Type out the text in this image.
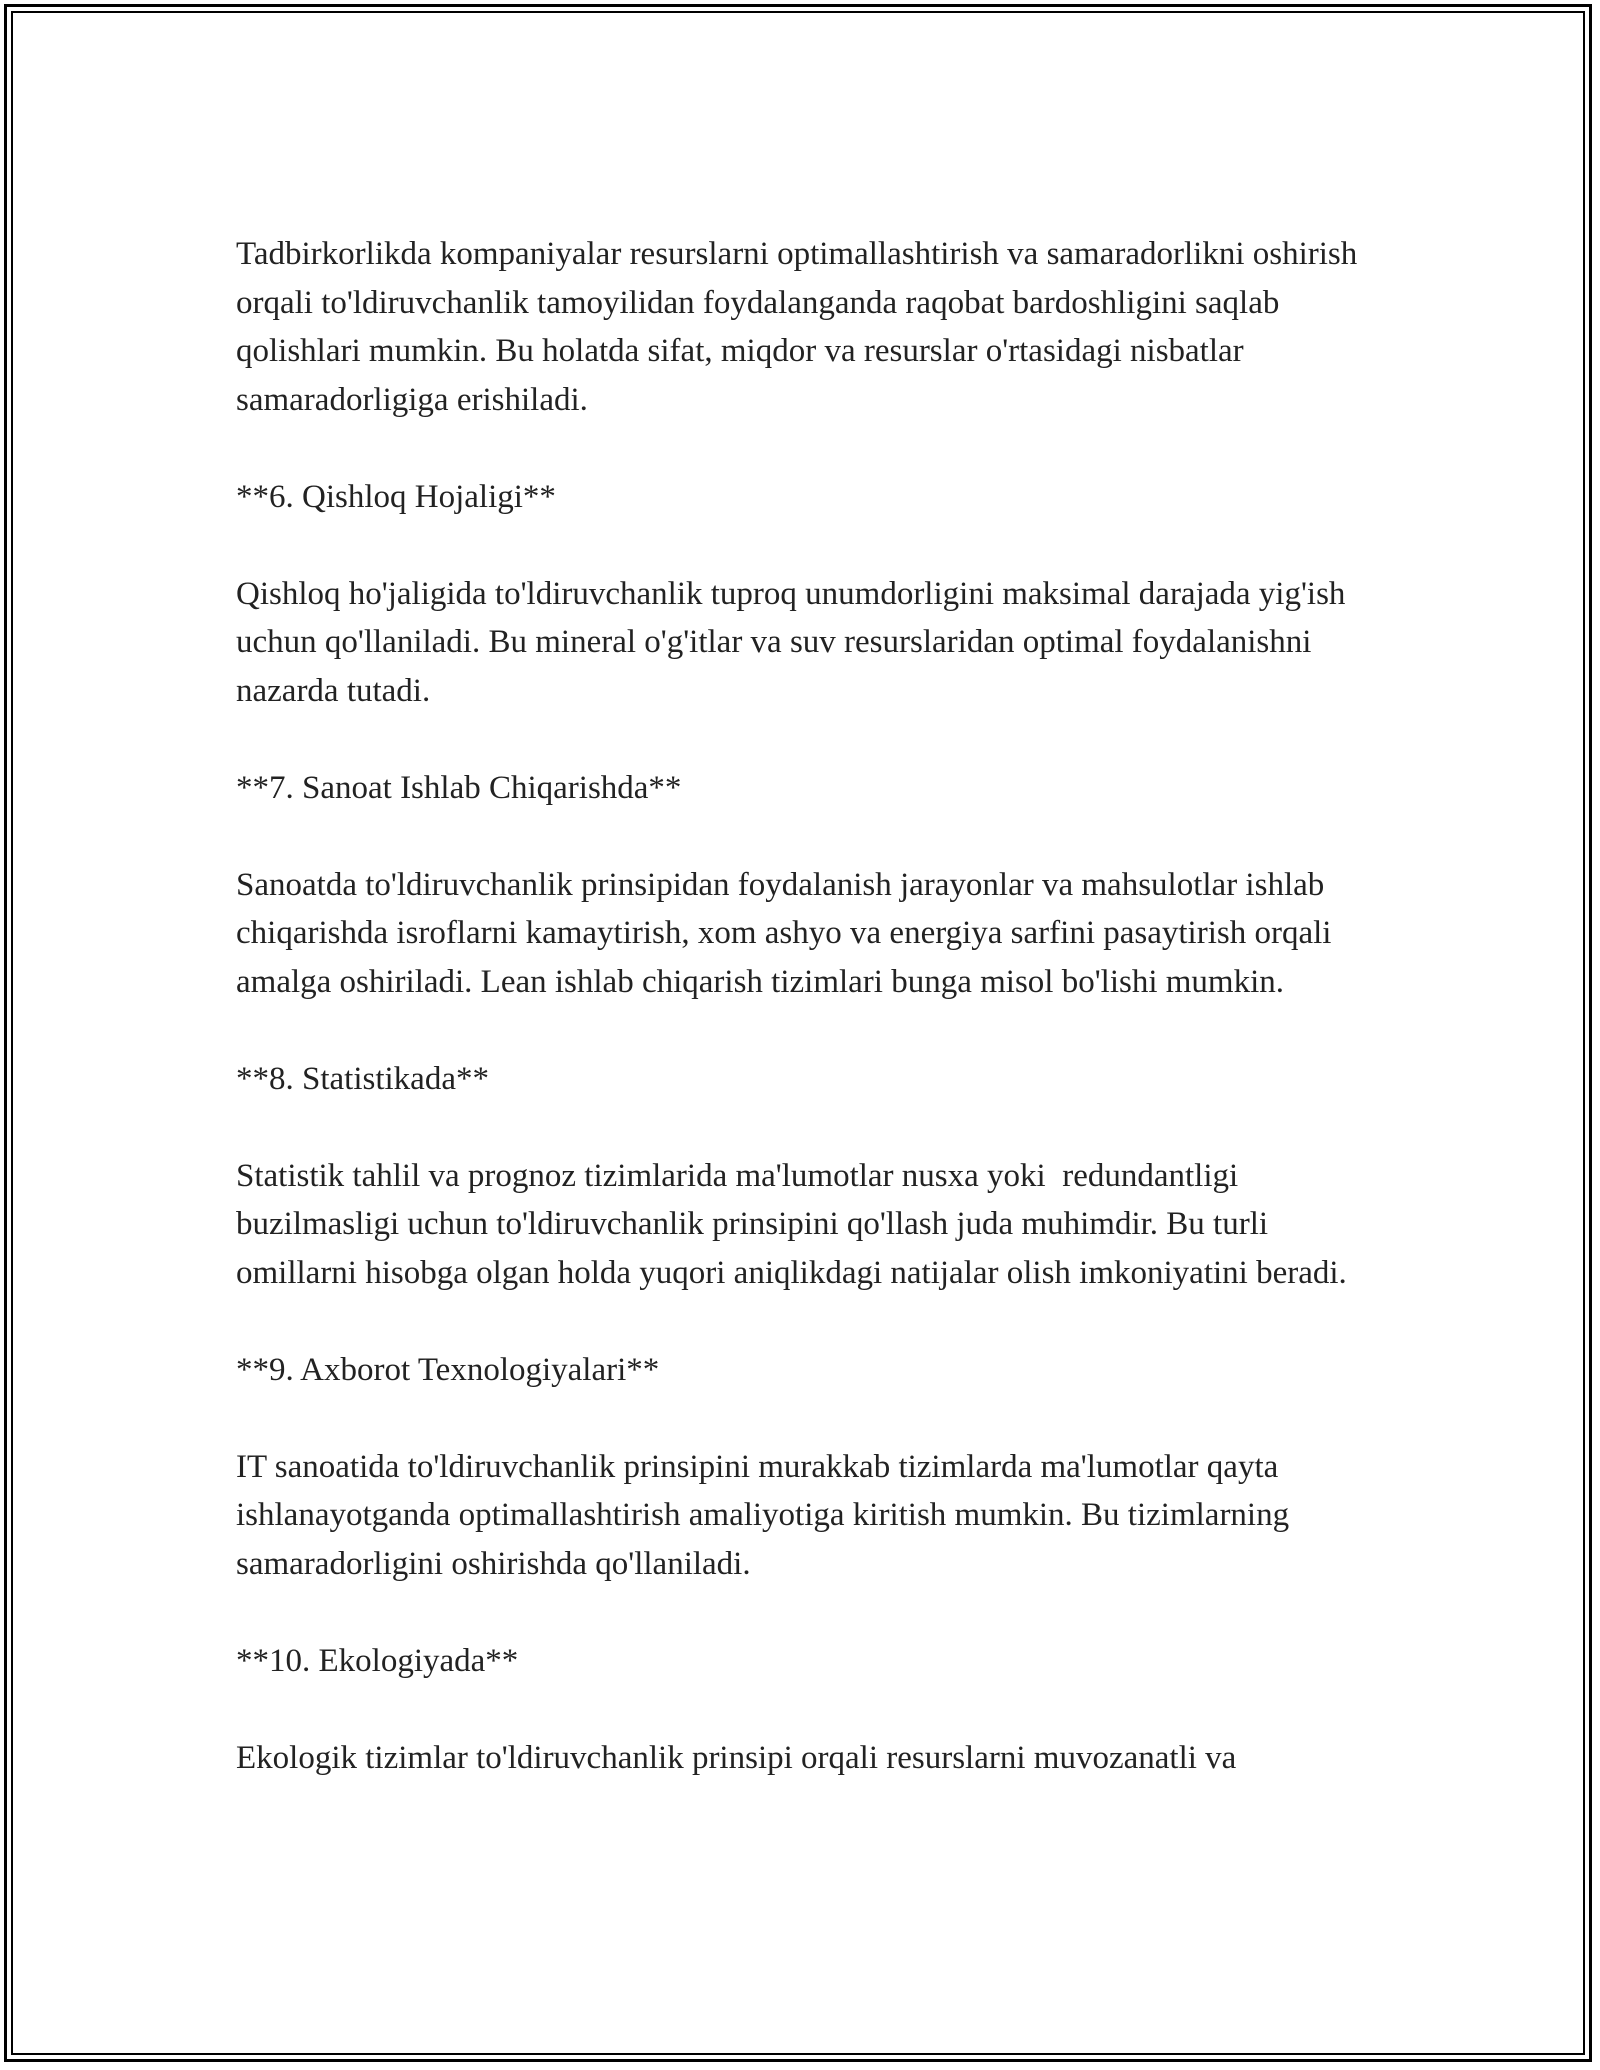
Tadbirkorlikda kompaniyalar resurslarni optimallashtirish va samaradorlikni oshirish orqali to'ldiruvchanlik tamoyilidan foydalanganda raqobat bardoshligini saqlab qolishlari mumkin. Bu holatda sifat, miqdor va resurslar o'rtasidagi nisbatlar samaradorligiga erishiladi.

**6. Qishloq Hojaligi**

Qishloq ho'jaligida to'ldiruvchanlik tuproq unumdorligini maksimal darajada yig'ish uchun qo'llaniladi. Bu mineral o'g'itlar va suv resurslaridan optimal foydalanishni nazarda tutadi.

**7. Sanoat Ishlab Chiqarishda**

Sanoatda to'ldiruvchanlik prinsipidan foydalanish jarayonlar va mahsulotlar ishlab chiqarishda isroflarni kamaytirish, xom ashyo va energiya sarfini pasaytirish orqali amalga oshiriladi. Lean ishlab chiqarish tizimlari bunga misol bo'lishi mumkin.

**8. Statistikada**

Statistik tahlil va prognoz tizimlarida ma'lumotlar nusxa yoki  redundantligi buzilmasligi uchun to'ldiruvchanlik prinsipini qo'llash juda muhimdir. Bu turli omillarni hisobga olgan holda yuqori aniqlikdagi natijalar olish imkoniyatini beradi.

**9. Axborot Texnologiyalari**

IT sanoatida to'ldiruvchanlik prinsipini murakkab tizimlarda ma'lumotlar qayta ishlanayotganda optimallashtirish amaliyotiga kiritish mumkin. Bu tizimlarning samaradorligini oshirishda qo'llaniladi.

**10. Ekologiyada**

Ekologik tizimlar to'ldiruvchanlik prinsipi orqali resurslarni muvozanatli va
